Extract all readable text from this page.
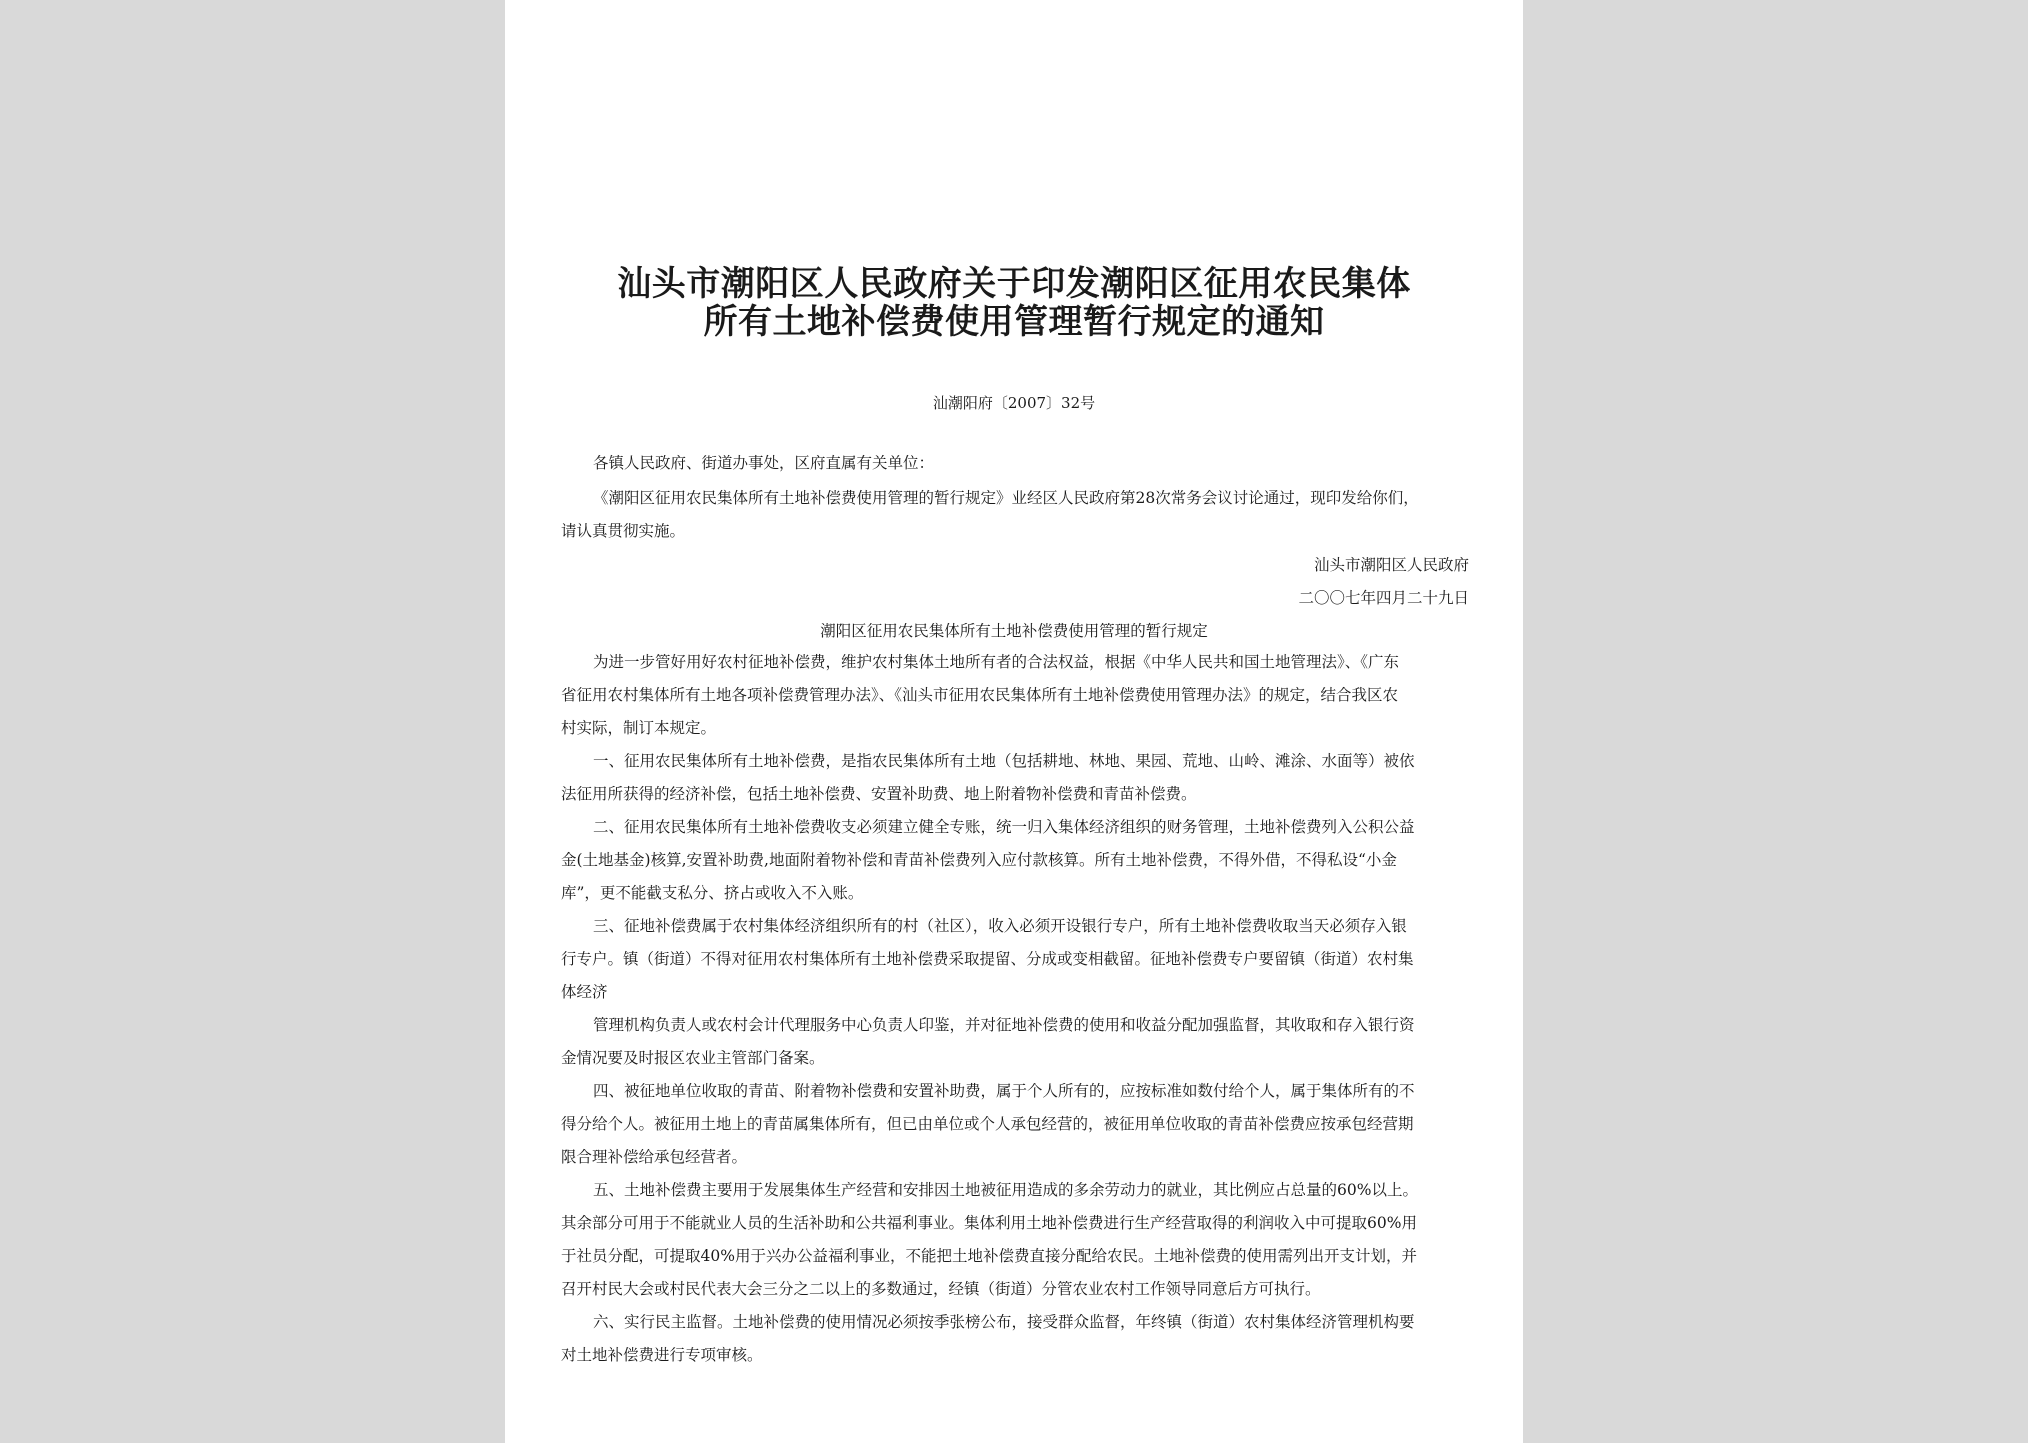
汕头市潮阳区人民政府关于印发潮阳区征用农民集体
所有土地补偿费使用管理暂行规定的通知
汕潮阳府〔2007〕32号
各镇人民政府、街道办事处，区府直属有关单位：
《潮阳区征用农民集体所有土地补偿费使用管理的暂行规定》业经区人民政府第28次常务会议讨论通过，现印发给你们，
请认真贯彻实施。
汕头市潮阳区人民政府
二〇〇七年四月二十九日
潮阳区征用农民集体所有土地补偿费使用管理的暂行规定
为进一步管好用好农村征地补偿费，维护农村集体土地所有者的合法权益，根据《中华人民共和国土地管理法》、《广东
省征用农村集体所有土地各项补偿费管理办法》、《汕头市征用农民集体所有土地补偿费使用管理办法》的规定，结合我区农
村实际，制订本规定。
一、征用农民集体所有土地补偿费，是指农民集体所有土地（包括耕地、林地、果园、荒地、山岭、滩涂、水面等）被依
法征用所获得的经济补偿，包括土地补偿费、安置补助费、地上附着物补偿费和青苗补偿费。
二、征用农民集体所有土地补偿费收支必须建立健全专账，统一归入集体经济组织的财务管理，土地补偿费列入公积公益
金(土地基金)核算,安置补助费,地面附着物补偿和青苗补偿费列入应付款核算。所有土地补偿费，不得外借，不得私设“小金
库”，更不能截支私分、挤占或收入不入账。
三、征地补偿费属于农村集体经济组织所有的村（社区），收入必须开设银行专户，所有土地补偿费收取当天必须存入银
行专户。镇（街道）不得对征用农村集体所有土地补偿费采取提留、分成或变相截留。征地补偿费专户要留镇（街道）农村集
体经济
管理机构负责人或农村会计代理服务中心负责人印鉴，并对征地补偿费的使用和收益分配加强监督，其收取和存入银行资
金情况要及时报区农业主管部门备案。
四、被征地单位收取的青苗、附着物补偿费和安置补助费，属于个人所有的，应按标准如数付给个人，属于集体所有的不
得分给个人。被征用土地上的青苗属集体所有，但已由单位或个人承包经营的，被征用单位收取的青苗补偿费应按承包经营期
限合理补偿给承包经营者。
五、土地补偿费主要用于发展集体生产经营和安排因土地被征用造成的多余劳动力的就业，其比例应占总量的60%以上。
其余部分可用于不能就业人员的生活补助和公共福利事业。集体利用土地补偿费进行生产经营取得的利润收入中可提取60%用
于社员分配，可提取40%用于兴办公益福利事业，不能把土地补偿费直接分配给农民。土地补偿费的使用需列出开支计划，并
召开村民大会或村民代表大会三分之二以上的多数通过，经镇（街道）分管农业农村工作领导同意后方可执行。
六、实行民主监督。土地补偿费的使用情况必须按季张榜公布，接受群众监督，年终镇（街道）农村集体经济管理机构要
对土地补偿费进行专项审核。
